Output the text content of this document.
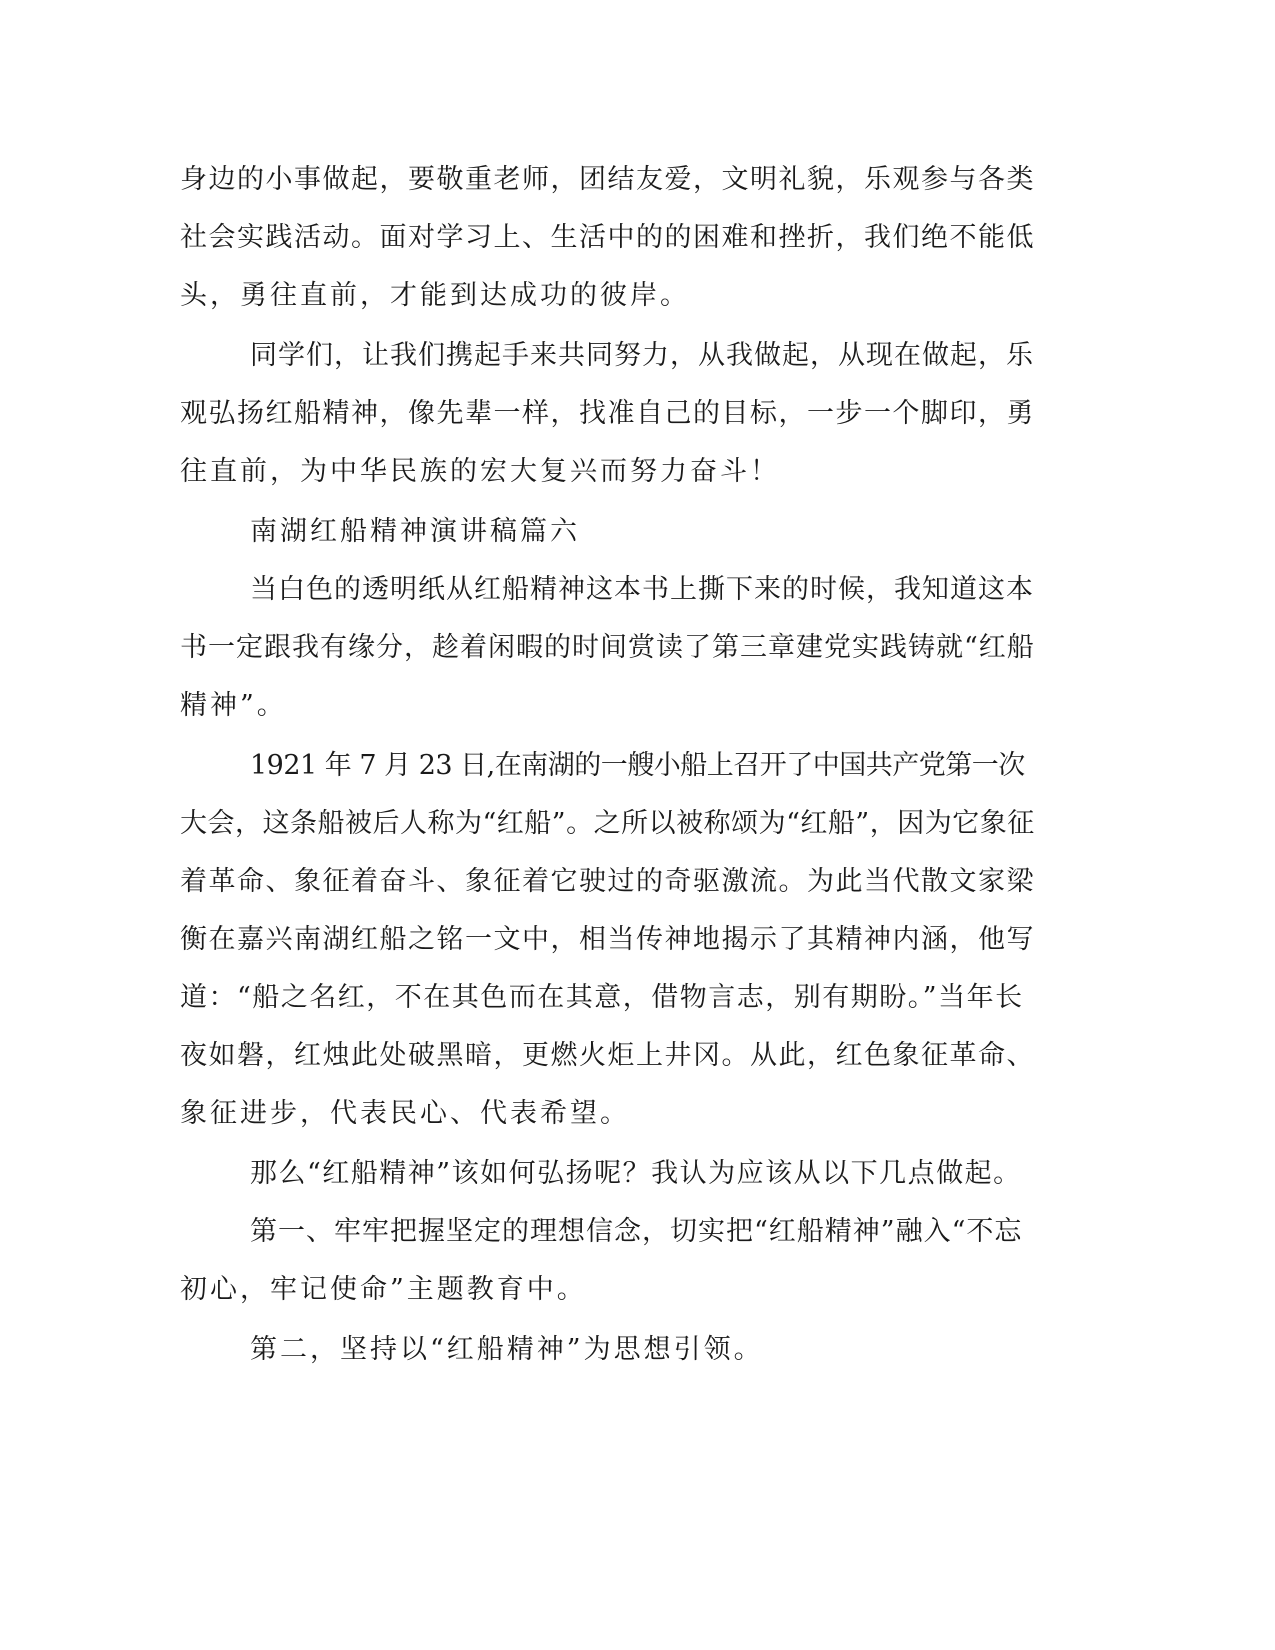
身边的小事做起，要敬重老师，团结友爱，文明礼貌，乐观参与各类
社会实践活动。面对学习上、生活中的的困难和挫折，我们绝不能低
头，勇往直前，才能到达成功的彼岸。
同学们，让我们携起手来共同努力，从我做起，从现在做起，乐
观弘扬红船精神，像先辈一样，找准自己的目标，一步一个脚印，勇
往直前，为中华民族的宏大复兴而努力奋斗！
南湖红船精神演讲稿篇六
当白色的透明纸从红船精神这本书上撕下来的时候，我知道这本
书一定跟我有缘分，趁着闲暇的时间赏读了第三章建党实践铸就“红船
精神”。
1921 年 7 月 23 日,在南湖的一艘小船上召开了中国共产党第一次
大会，这条船被后人称为“红船”。之所以被称颂为“红船”，因为它象征
着革命、象征着奋斗、象征着它驶过的奇驱激流。为此当代散文家梁
衡在嘉兴南湖红船之铭一文中，相当传神地揭示了其精神内涵，他写
道：“船之名红，不在其色而在其意，借物言志，别有期盼。”当年长
夜如磐，红烛此处破黑暗，更燃火炬上井冈。从此，红色象征革命、
象征进步，代表民心、代表希望。
那么“红船精神”该如何弘扬呢？我认为应该从以下几点做起。
第一、牢牢把握坚定的理想信念，切实把“红船精神”融入“不忘
初心，牢记使命”主题教育中。
第二，坚持以“红船精神”为思想引领。
